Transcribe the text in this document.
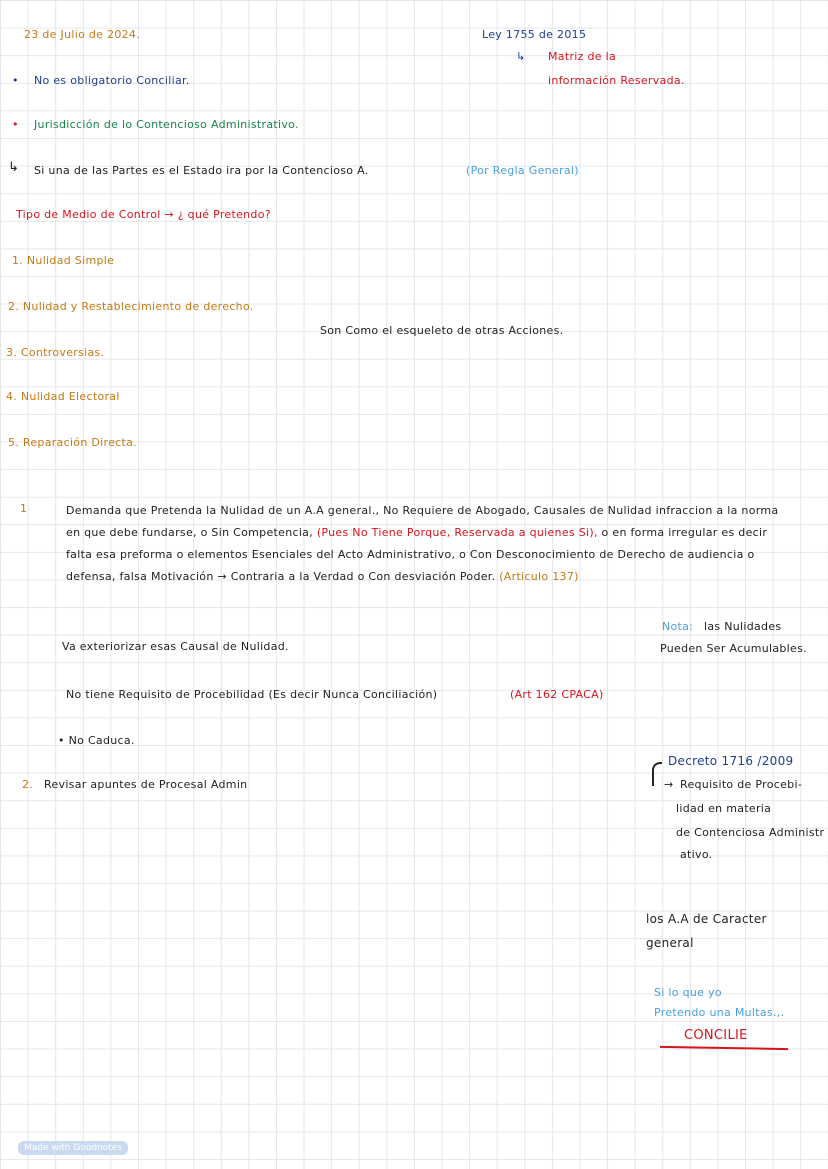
23 de Julio de 2024.	Ley 1755 de 2015
↳ Matriz de la
información Reservada.
• No es obligatorio Conciliar.
• Jurisdicción de lo Contencioso Administrativo.
↳ Si una de las Partes es el Estado ira por la Contencioso A.	(Por Regla General)
Tipo de Medio de Control → ¿ qué Pretendo?
1. Nulidad Simple
2. Nulidad y Restablecimiento de derecho.
Son Como el esqueleto de otras Acciones.
3. Controversias.
4. Nulidad Electoral
5. Reparación Directa.
1	Demanda que Pretenda la Nulidad de un A.A general., No Requiere de Abogado, Causales de Nulidad infraccion a la norma en que debe fundarse, o Sin Competencia, (Pues No Tiene Porque, Reservada a quienes Si), o en forma irregular es decir falta esa preforma o elementos Esenciales del Acto Administrativo, o Con Desconocimiento de Derecho de audiencia o defensa, falsa Motivación → Contraria a la Verdad o Con desviación Poder. (Articulo 137)
Va exteriorizar esas Causal de Nulidad.
Nota: las Nulidades
Pueden Ser Acumulables.
No tiene Requisito de Procebilidad (Es decir Nunca Conciliación)	(Art 162 CPACA)
• No Caduca.
2. Revisar apuntes de Procesal Admin
Decreto 1716 /2009
→ Requisito de Procebi-
lidad en materia
de Contenciosa Administr
ativo.
los A.A de Caracter
general
Si lo que yo
Pretendo una Multas.,.
CONCILIE
Made with Goodnotes
